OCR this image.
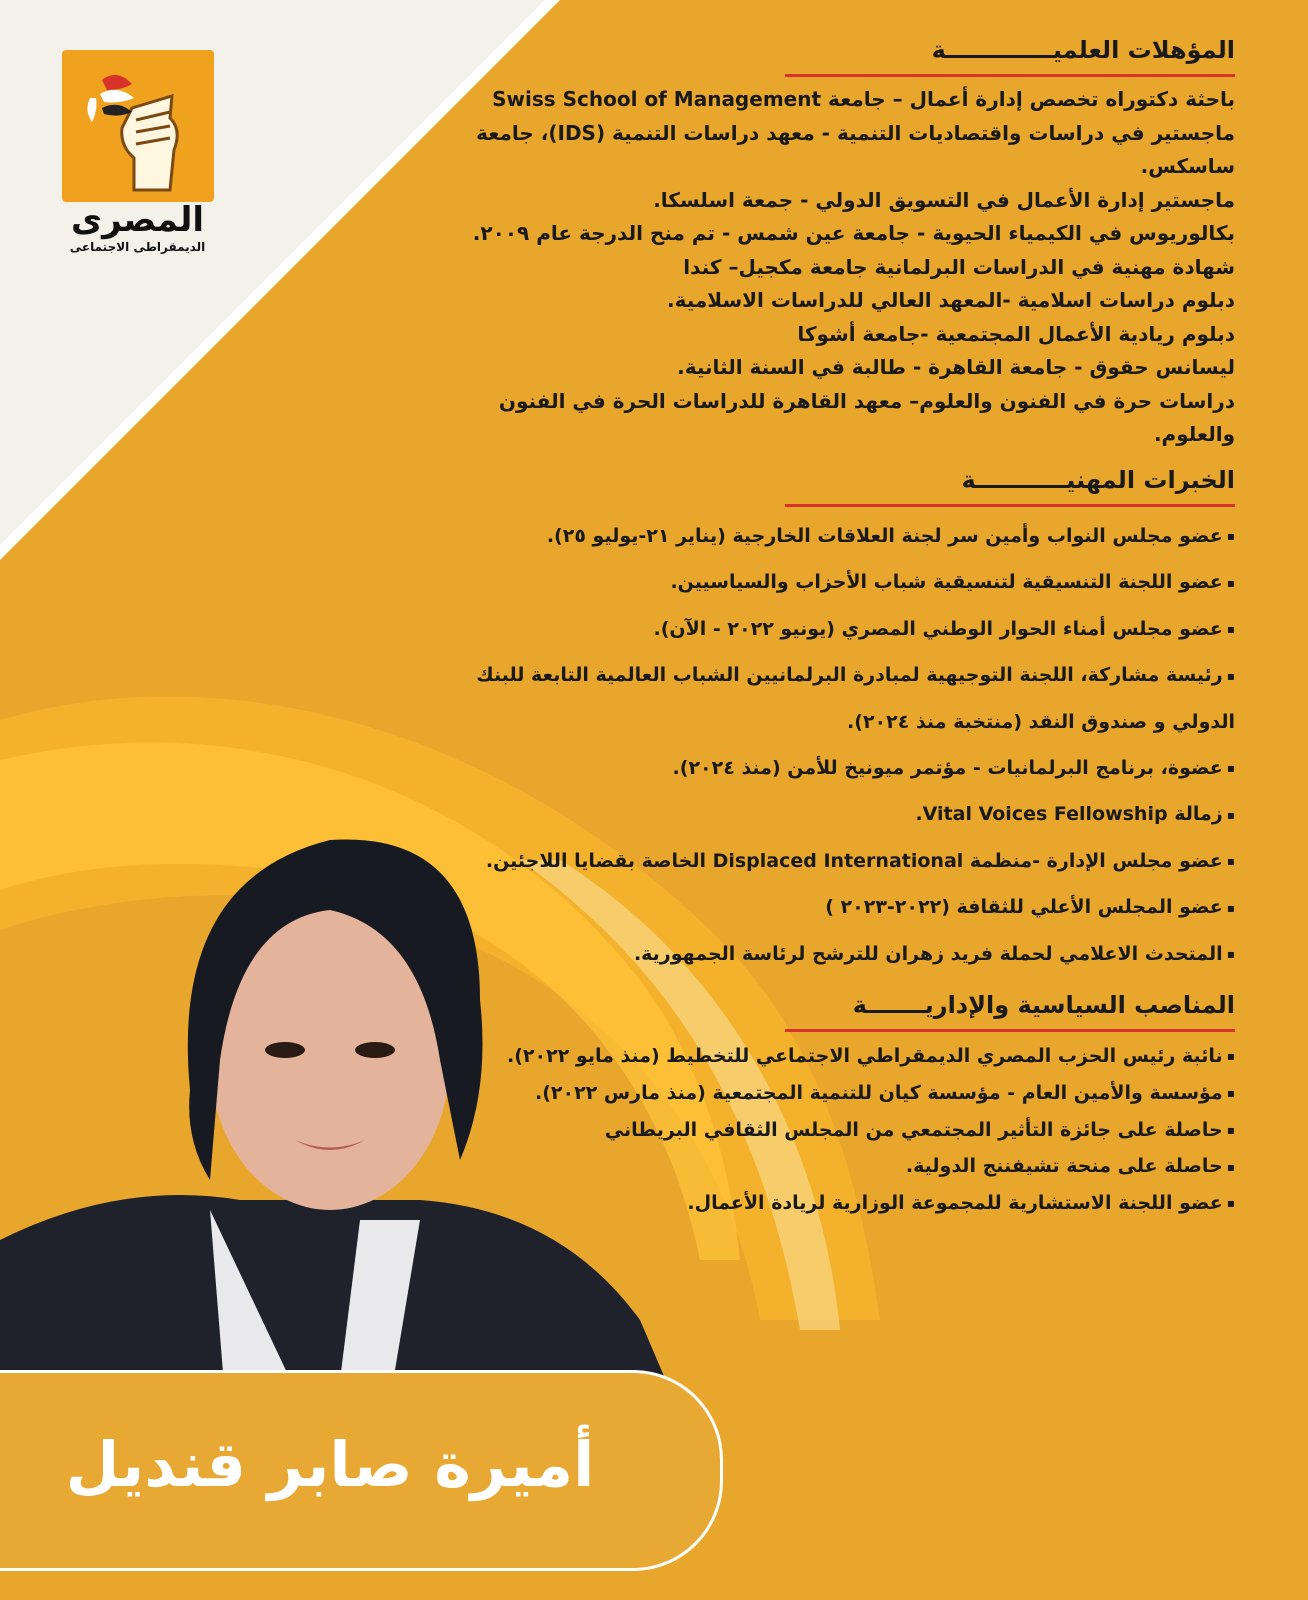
المصرى
الديمقراطى الاجتماعى
المؤهلات العلميـــــــــــــة
باحثة دكتوراه تخصص إدارة أعمال – جامعة Swiss School of Management
ماجستير في دراسات واقتصاديات التنمية - معهد دراسات التنمية (IDS)، جامعة ساسكس.
ماجستير إدارة الأعمال في التسويق الدولي - جمعة اسلسكا.
بكالوريوس في الكيمياء الحيوية - جامعة عين شمس - تم منح الدرجة عام ٢٠٠٩.
شهادة مهنية في الدراسات البرلمانية جامعة مكجيل– كندا
دبلوم دراسات اسلامية -المعهد العالي للدراسات الاسلامية.
دبلوم ريادية الأعمال المجتمعية -جامعة أشوكا
ليسانس حقوق - جامعة القاهرة - طالبة في السنة الثانية.
دراسات حرة في الفنون والعلوم– معهد القاهرة للدراسات الحرة في الفنون والعلوم.
الخبرات المهنيـــــــــــة
▪ عضو مجلس النواب وأمين سر لجنة العلاقات الخارجية (يناير ٢١-يوليو ٢٥).
▪ عضو اللجنة التنسيقية لتنسيقية شباب الأحزاب والسياسيين.
▪ عضو مجلس أمناء الحوار الوطني المصري (يونيو ٢٠٢٢ - الآن).
▪ رئيسة مشاركة، اللجنة التوجيهية لمبادرة البرلمانيين الشباب العالمية التابعة للبنك الدولي و صندوق النقد (منتخبة منذ ٢٠٢٤).
▪ عضوة، برنامج البرلمانيات - مؤتمر ميونيخ للأمن (منذ ٢٠٢٤).
▪ زمالة Vital Voices Fellowship.
▪ عضو مجلس الإدارة -منظمة Displaced International الخاصة بقضايا اللاجئين.
▪ عضو المجلس الأعلي للثقافة (٢٠٢٢-٢٠٢٣ )
▪ المتحدث الاعلامي لحملة فريد زهران للترشح لرئاسة الجمهورية.
المناصب السياسية والإداريـــــــة
▪ نائبة رئيس الحزب المصري الديمقراطي الاجتماعي للتخطيط (منذ مايو ٢٠٢٢).
▪ مؤسسة والأمين العام - مؤسسة كيان للتنمية المجتمعية (منذ مارس ٢٠٢٢).
▪ حاصلة على جائزة التأثير المجتمعي من المجلس الثقافي البريطاني
▪ حاصلة على منحة تشيفننج الدولية.
▪ عضو اللجنة الاستشارية للمجموعة الوزارية لريادة الأعمال.
أميرة صابر قنديل
